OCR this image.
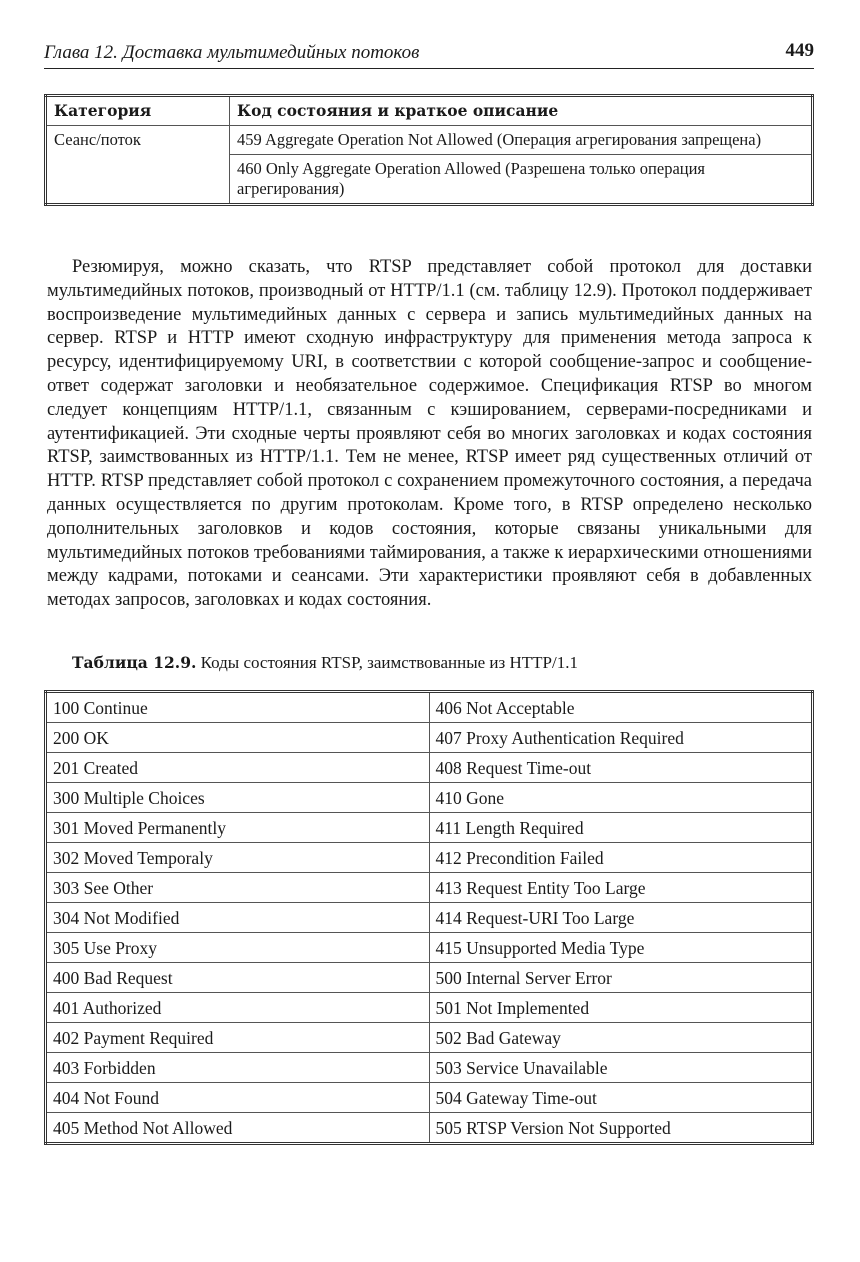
Глава 12. Доставка мультимедийных потоков	449
Категория	Код состояния и краткое описание
Сеанс/поток	459 Aggregate Operation Not Allowed (Операция агрегирования запрещена)
	460 Only Aggregate Operation Allowed (Разрешена только операция агрегирования)

Резюмируя, можно сказать, что RTSP представляет собой протокол для доставки мультимедийных потоков, производный от HTTP/1.1 (см. таблицу 12.9). Протокол поддерживает воспроизведение мультимедийных данных с сервера и запись мультимедийных данных на сервер. RTSP и HTTP имеют сходную инфраструктуру для применения метода запроса к ресурсу, идентифицируемому URI, в соответствии с которой сообщение-запрос и сообщение-ответ содержат заголовки и необязательное содержимое. Спецификация RTSP во многом следует концепциям HTTP/1.1, связанным с кэшированием, серверами-посредниками и аутентификацией. Эти сходные черты проявляют себя во многих заголовках и кодах состояния RTSP, заимствованных из HTTP/1.1. Тем не менее, RTSP имеет ряд существенных отличий от HTTP. RTSP представляет собой протокол с сохранением промежуточного состояния, а передача данных осуществляется по другим протоколам. Кроме того, в RTSP определено несколько дополнительных заголовков и кодов состояния, которые связаны уникальными для мультимедийных потоков требованиями таймирования, а также к иерархическими отношениями между кадрами, потоками и сеансами. Эти характеристики проявляют себя в добавленных методах запросов, заголовках и кодах состояния.

Таблица 12.9. Коды состояния RTSP, заимствованные из HTTP/1.1
100 Continue	406 Not Acceptable
200 OK	407 Proxy Authentication Required
201 Created	408 Request Time-out
300 Multiple Choices	410 Gone
301 Moved Permanently	411 Length Required
302 Moved Temporaly	412 Precondition Failed
303 See Other	413 Request Entity Too Large
304 Not Modified	414 Request-URI Too Large
305 Use Proxy	415 Unsupported Media Type
400 Bad Request	500 Internal Server Error
401 Authorized	501 Not Implemented
402 Payment Required	502 Bad Gateway
403 Forbidden	503 Service Unavailable
404 Not Found	504 Gateway Time-out
405 Method Not Allowed	505 RTSP Version Not Supported
